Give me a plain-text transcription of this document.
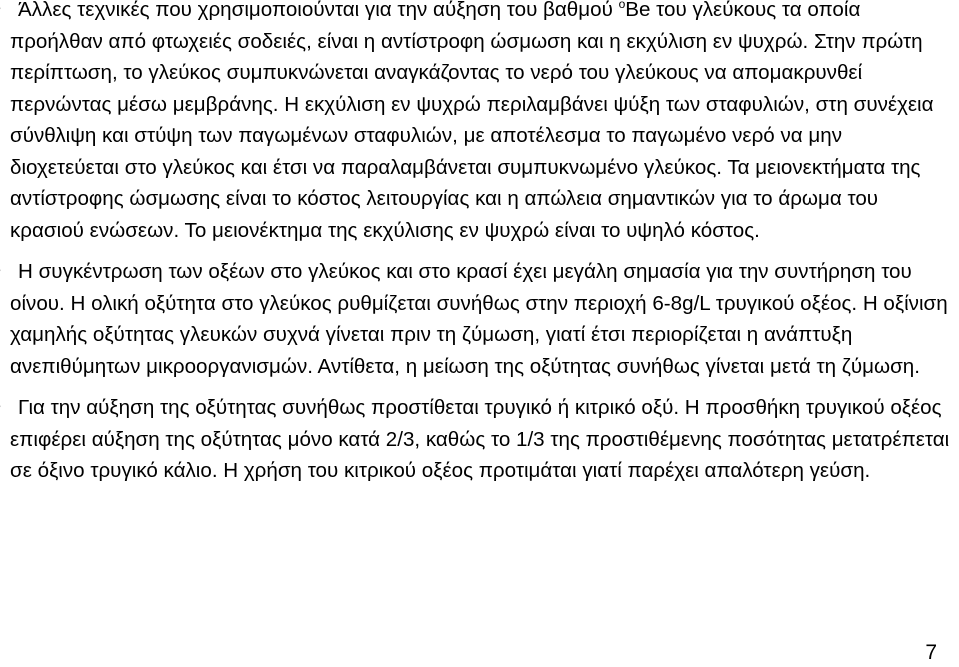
Άλλες τεχνικές που χρησιμοποιούνται για την αύξηση του βαθμού $^o$Be του γλεύκους τα οποία προήλθαν από φτωχειές σοδειές, είναι η αντίστροφη ώσμωση και η εκχύλιση εν ψυχρώ. Στην πρώτη περίπτωση, το γλεύκος συμπυκνώνεται αναγκάζοντας το νερό του γλεύκους να απομακρυνθεί περνώντας μέσω μεμβράνης. Η εκχύλιση εν ψυχρώ περιλαμβάνει ψύξη των σταφυλιών, στη συνέχεια σύνθλιψη και στύψη των παγωμένων σταφυλιών, με αποτέλεσμα το παγωμένο νερό να μην διοχετεύεται στο γλεύκος και έτσι να παραλαμβάνεται συμπυκνωμένο γλεύκος. Τα μειονεκτήματα της αντίστροφης ώσμωσης είναι το κόστος λειτουργίας και η απώλεια σημαντικών για το άρωμα του κρασιού ενώσεων. Το μειονέκτημα της εκχύλισης εν ψυχρώ είναι το υψηλό κόστος.
Η συγκέντρωση των οξέων στο γλεύκος και στο κρασί έχει μεγάλη σημασία για την συντήρηση του οίνου. Η ολική οξύτητα στο γλεύκος ρυθμίζεται συνήθως στην περιοχή 6-8g/L τρυγικού οξέος. Η οξίνιση χαμηλής οξύτητας γλευκών συχνά γίνεται πριν τη ζύμωση, γιατί έτσι περιορίζεται η ανάπτυξη ανεπιθύμητων μικροοργανισμών. Αντίθετα, η μείωση της οξύτητας συνήθως γίνεται μετά τη ζύμωση.
Για την αύξηση της οξύτητας συνήθως προστίθεται τρυγικό ή κιτρικό οξύ. Η προσθήκη τρυγικού οξέος επιφέρει αύξηση της οξύτητας μόνο κατά 2/3, καθώς το 1/3 της προστιθέμενης ποσότητας μετατρέπεται σε όξινο τρυγικό κάλιο. Η χρήση του κιτρικού οξέος προτιμάται γιατί παρέχει απαλότερη γεύση.
7
